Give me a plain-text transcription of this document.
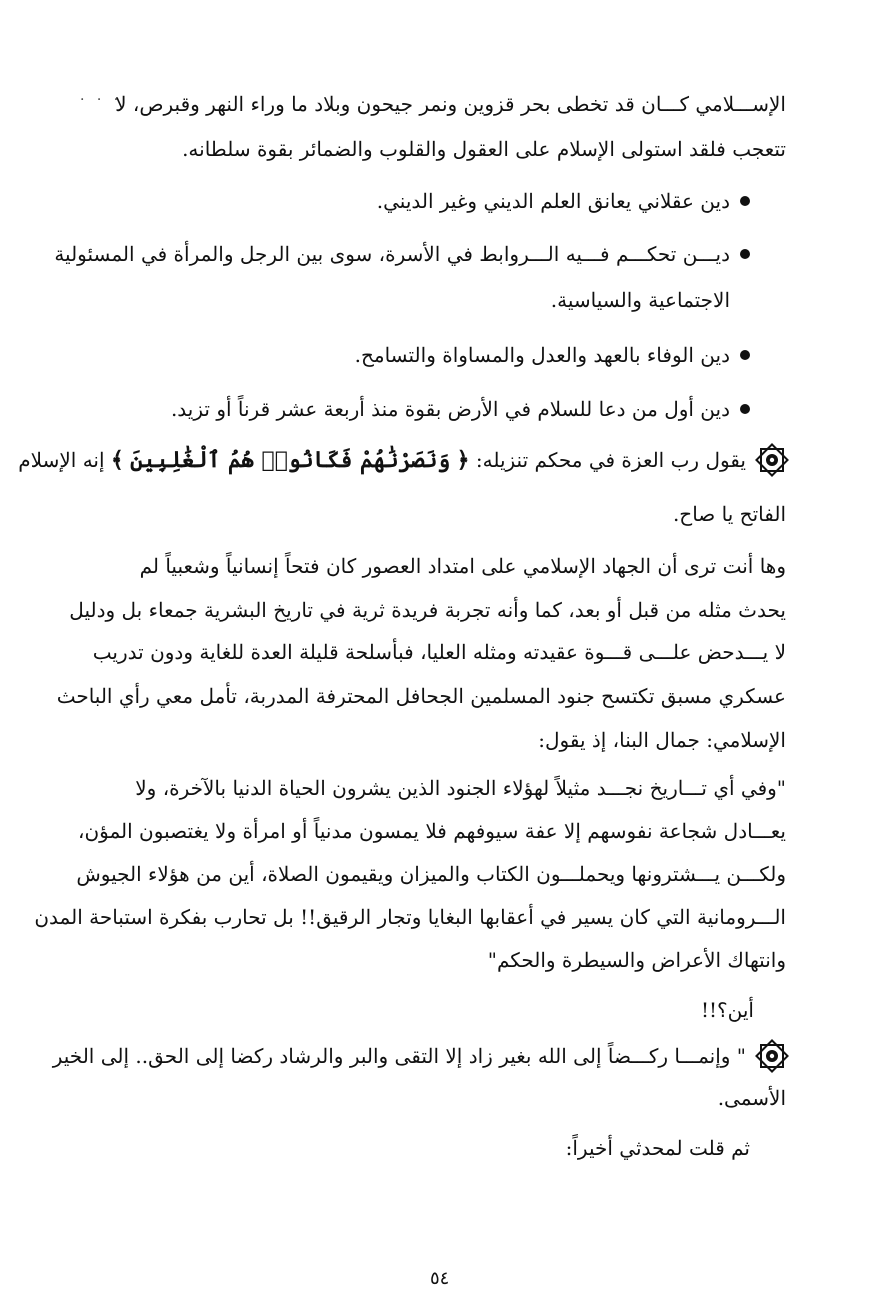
· · ·

الإســـلامي كـــان قد تخطى بحر قزوين ونمر جيحون وبلاد ما وراء النهر وقبرص، لا

تتعجب فلقد استولى الإسلام على العقول والقلوب والضمائر بقوة سلطانه.

دين عقلاني يعانق العلم الديني وغير الديني.

ديـــن تحكـــم فـــيه الـــروابط في الأسرة، سوى بين الرجل والمرأة في المسئولية

الاجتماعية والسياسية.

دين الوفاء بالعهد والعدل والمساواة والتسامح.

دين أول من دعا للسلام في الأرض بقوة منذ أربعة عشر قرناً أو تزيد.

يقول رب العزة في محكم تنزيله: ﴿ وَنَصَرْنَٰهُمْ فَكَانُوا۟ هُمُ ٱلْغَٰلِبِينَ ﴾ إنه الإسلام

الفاتح يا صاح.

وها أنت ترى أن الجهاد الإسلامي على امتداد العصور كان فتحاً إنسانياً وشعبياً لم

يحدث مثله من قبل أو بعد، كما وأنه تجربة فريدة ثرية في تاريخ البشرية جمعاء بل ودليل

لا يـــدحض علـــى قـــوة عقيدته ومثله العليا، فبأسلحة قليلة العدة للغاية ودون تدريب

عسكري مسبق تكتسح جنود المسلمين الجحافل المحترفة المدربة، تأمل معي رأي الباحث

الإسلامي: جمال البنا، إذ يقول:

"وفي أي تـــاريخ نجـــد مثيلاً لهؤلاء الجنود الذين يشرون الحياة الدنيا بالآخرة، ولا

يعـــادل شجاعة نفوسهم إلا عفة سيوفهم فلا يمسون مدنياً أو امرأة ولا يغتصبون المؤن،

ولكـــن يـــشترونها ويحملـــون الكتاب والميزان ويقيمون الصلاة، أين من هؤلاء الجيوش

الـــرومانية التي كان يسير في أعقابها البغايا وتجار الرقيق!! بل تحارب بفكرة استباحة المدن

وانتهاك الأعراض والسيطرة والحكم"

أين؟!!

" وإنمـــا ركـــضاً إلى الله بغير زاد إلا التقى والبر والرشاد ركضا إلى الحق.. إلى الخير

الأسمى.

ثم قلت لمحدثي أخيراً:

٥٤
